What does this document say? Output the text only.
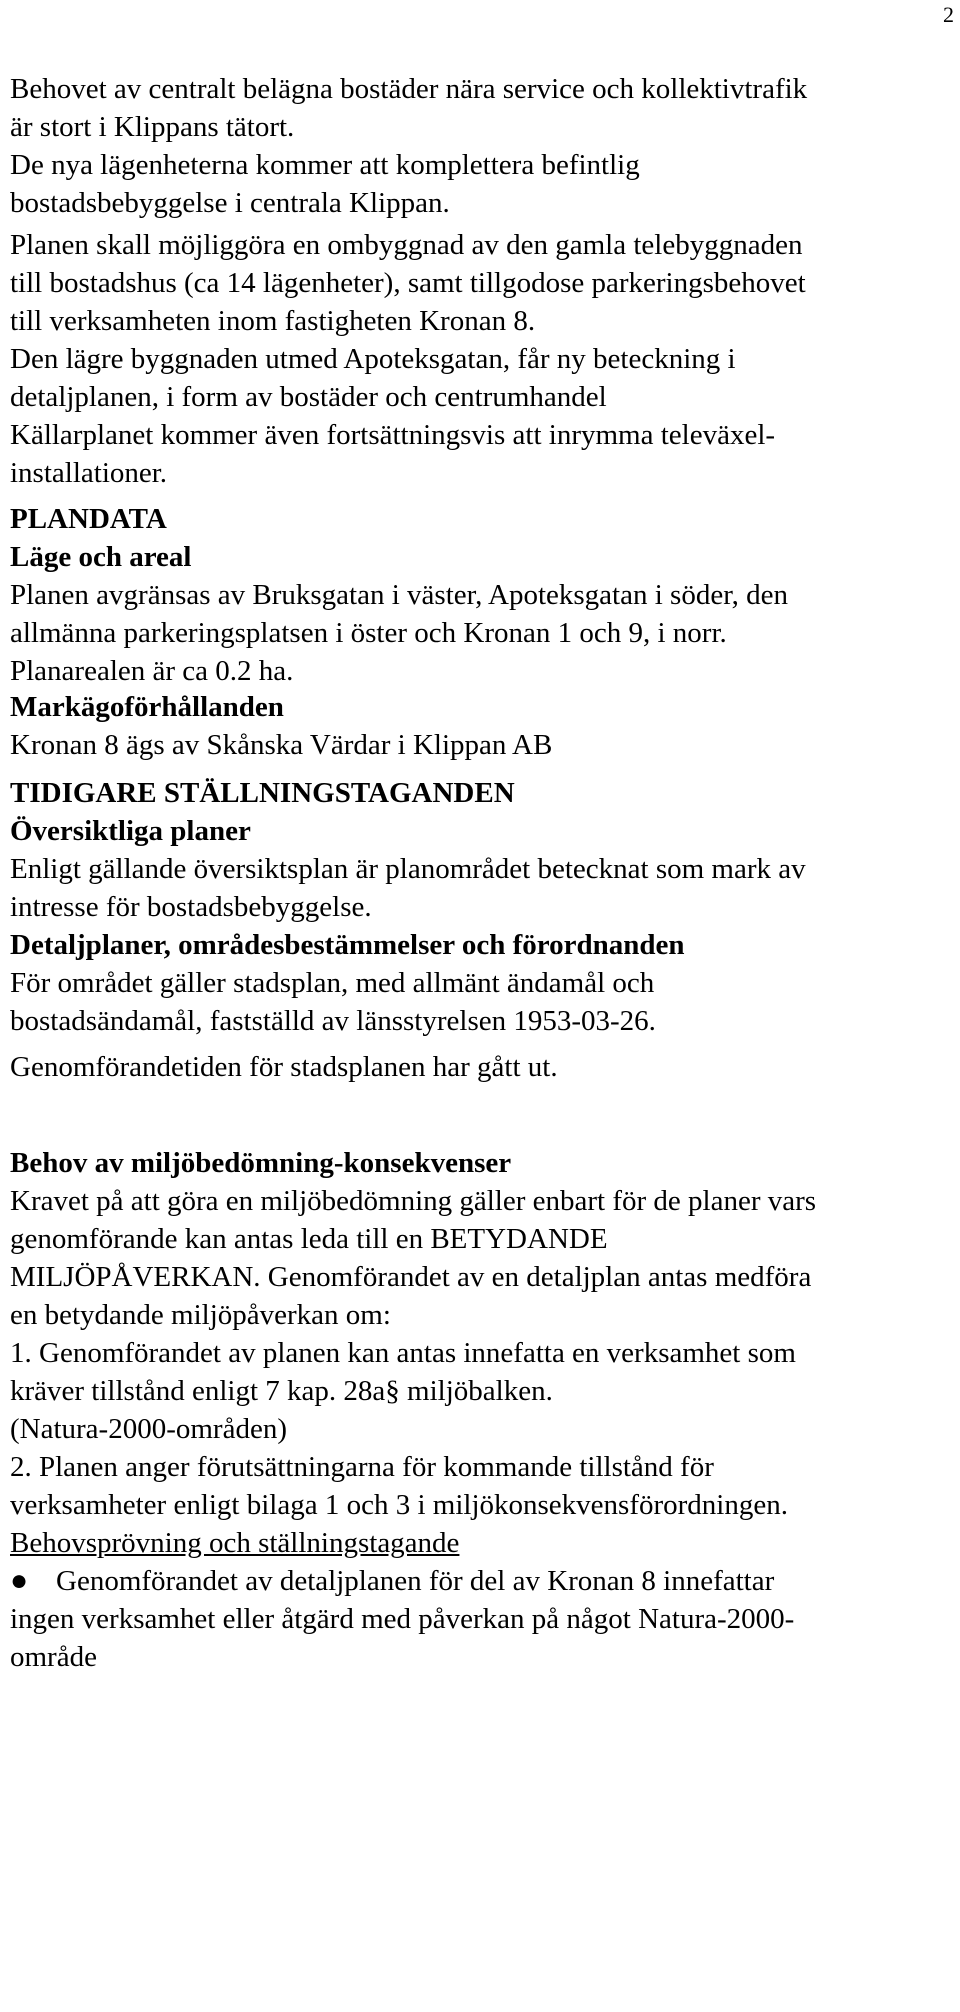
2
Behovet av centralt belägna bostäder nära service och kollektivtrafik
är stort i Klippans tätort.
De nya lägenheterna kommer att komplettera befintlig
bostadsbebyggelse i centrala Klippan.
Planen skall möjliggöra en ombyggnad av den gamla telebyggnaden
till bostadshus (ca 14 lägenheter), samt tillgodose parkeringsbehovet
till verksamheten inom fastigheten Kronan 8.
Den lägre byggnaden utmed Apoteksgatan, får ny beteckning i
detaljplanen, i form av bostäder och centrumhandel
Källarplanet kommer även fortsättningsvis att inrymma televäxel-
installationer.
PLANDATA
Läge och areal
Planen avgränsas av Bruksgatan i väster, Apoteksgatan i söder, den
allmänna parkeringsplatsen i öster och Kronan 1 och 9, i norr.
Planarealen är ca 0.2 ha.
Markägoförhållanden
Kronan 8 ägs av Skånska Värdar i Klippan AB
TIDIGARE STÄLLNINGSTAGANDEN
Översiktliga planer
Enligt gällande översiktsplan är planområdet betecknat som mark av
intresse för bostadsbebyggelse.
Detaljplaner, områdesbestämmelser och förordnanden
För området gäller stadsplan, med allmänt ändamål och
bostadsändamål, fastställd av länsstyrelsen 1953-03-26.
Genomförandetiden för stadsplanen har gått ut.
Behov av miljöbedömning-konsekvenser
Kravet på att göra en miljöbedömning gäller enbart för de planer vars
genomförande kan antas leda till en BETYDANDE
MILJÖPÅVERKAN. Genomförandet av en detaljplan antas medföra
en betydande miljöpåverkan om:
1. Genomförandet av planen kan antas innefatta en verksamhet som
kräver tillstånd enligt 7 kap. 28a§ miljöbalken.
(Natura-2000-områden)
2. Planen anger förutsättningarna för kommande tillstånd för
verksamheter enligt bilaga 1 och 3 i miljökonsekvensförordningen.
Behovsprövning och ställningstagande
● Genomförandet av detaljplanen för del av Kronan 8 innefattar
ingen verksamhet eller åtgärd med påverkan på något Natura-2000-
område
